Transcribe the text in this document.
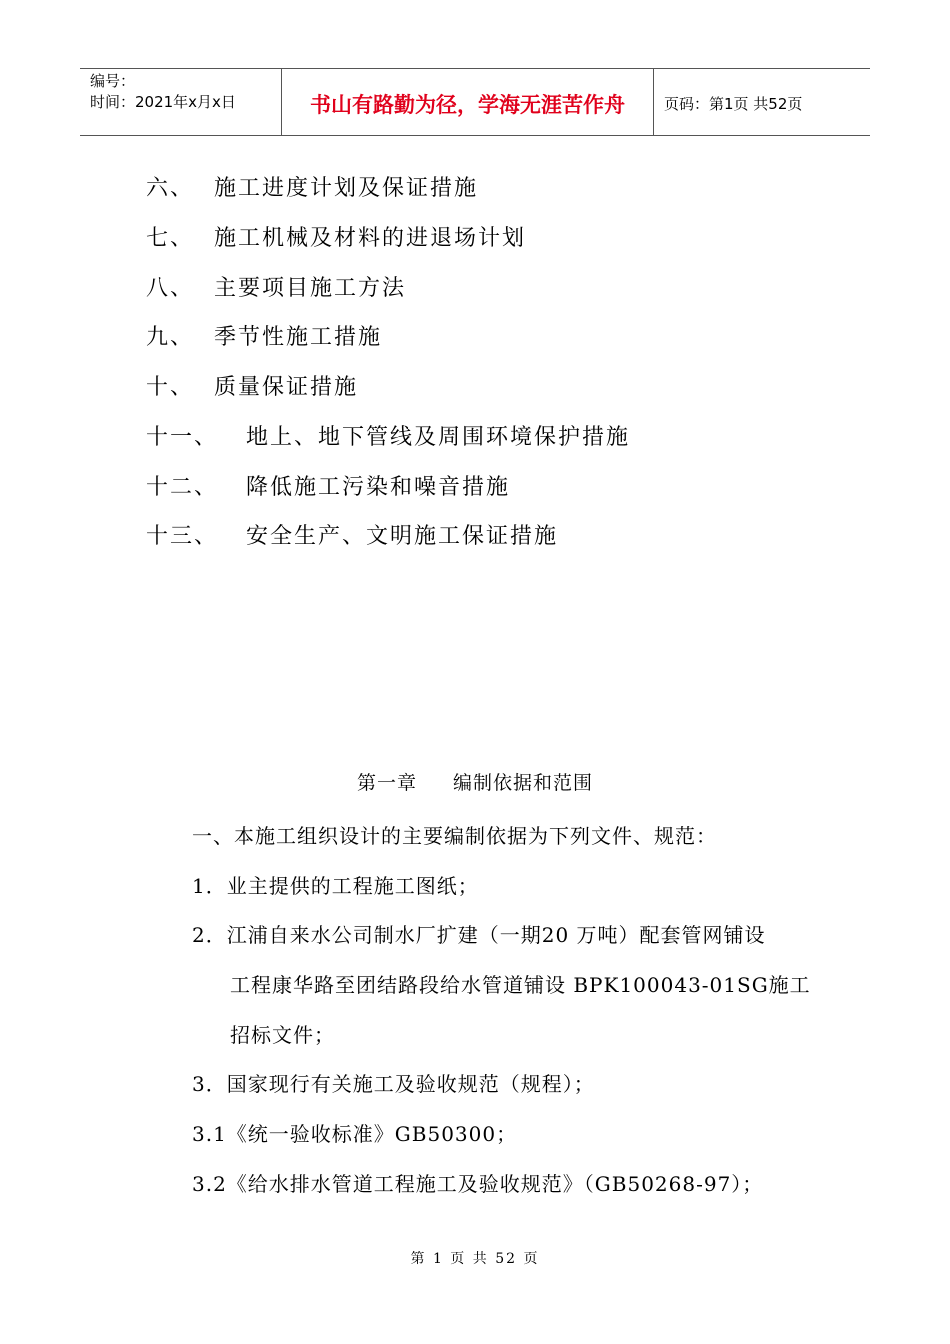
编号：
时间：2021年x月x日	书山有路勤为径，学海无涯苦作舟	页码：第1页 共52页
六、 施工进度计划及保证措施
七、 施工机械及材料的进退场计划
八、 主要项目施工方法
九、 季节性施工措施
十、 质量保证措施
十一、 地上、地下管线及周围环境保护措施
十二、 降低施工污染和噪音措施
十三、 安全生产、文明施工保证措施
第一章 编制依据和范围
一、本施工组织设计的主要编制依据为下列文件、规范：
1．业主提供的工程施工图纸；
2．江浦自来水公司制水厂扩建（一期20 万吨）配套管网铺设
工程康华路至团结路段给水管道铺设 BPK100043-01SG施工
招标文件；
3．国家现行有关施工及验收规范（规程）；
3.1《统一验收标准》GB50300；
3.2《给水排水管道工程施工及验收规范》（GB50268-97）；
第 1 页 共 52 页
